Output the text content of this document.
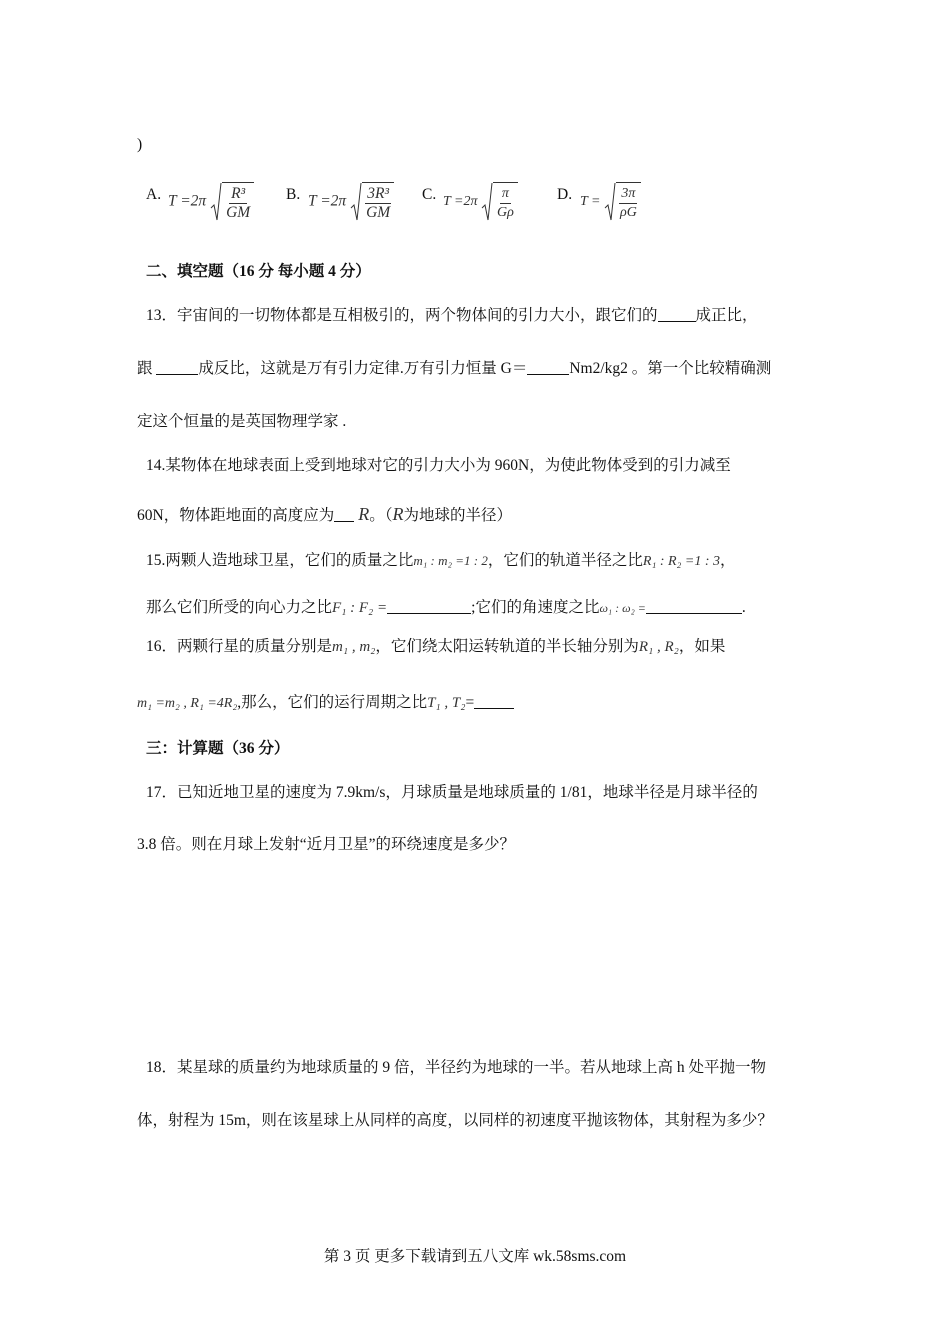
)
A. $T =2\pi \frac{\text{R³}}{GM} B$. $T =2\pi \frac{\text{3R³}}{GM} C$. $T =2\pi \frac{\pi}{G\rho}$	D. $T = \frac{3\pi}{\rho G}$
二、填空题（16 分 每小题 4 分）
13．宇宙间的一切物体都是互相极引的，两个物体间的引力大小，跟它们的 成正比，
跟	成反比，这就是万有引力定律.万有引力恒量 G＝	Nm2/kg2 。第一个比较精确测
定这个恒量的是英国物理学家 .
14.某物体在地球表面上受到地球对它的引力大小为 960N，为使此物体受到的引力减至
60N，物体距地面的高度应为 R。（R为地球的半径）
15.两颗人造地球卫星，它们的质量之比m₁ : m₂ =1 : 2，它们的轨道半径之比R₁ : R₂ =1 : 3，
那么它们所受的向心力之比F₁ : F₂ =	;它们的角速度之比ω₁ : ω₂ =	.
16．两颗行星的质量分别是m₁ , m₂，它们绕太阳运转轨道的半长轴分别为R₁ , R₂，如果
m₁ =m₂ , R₁ =4R₂,那么，它们的运行周期之比T₁ , T₂=
三：计算题（36 分）
17．已知近地卫星的速度为 7.9km/s，月球质量是地球质量的 1/81，地球半径是月球半径的
3.8 倍。则在月球上发射“近月卫星”的环绕速度是多少？
18．某星球的质量约为地球质量的 9 倍，半径约为地球的一半。若从地球上高 h 处平抛一物
体，射程为 15m，则在该星球上从同样的高度，以同样的初速度平抛该物体，其射程为多少？
第 3 页 更多下载请到五八文库 wk.58sms.com
